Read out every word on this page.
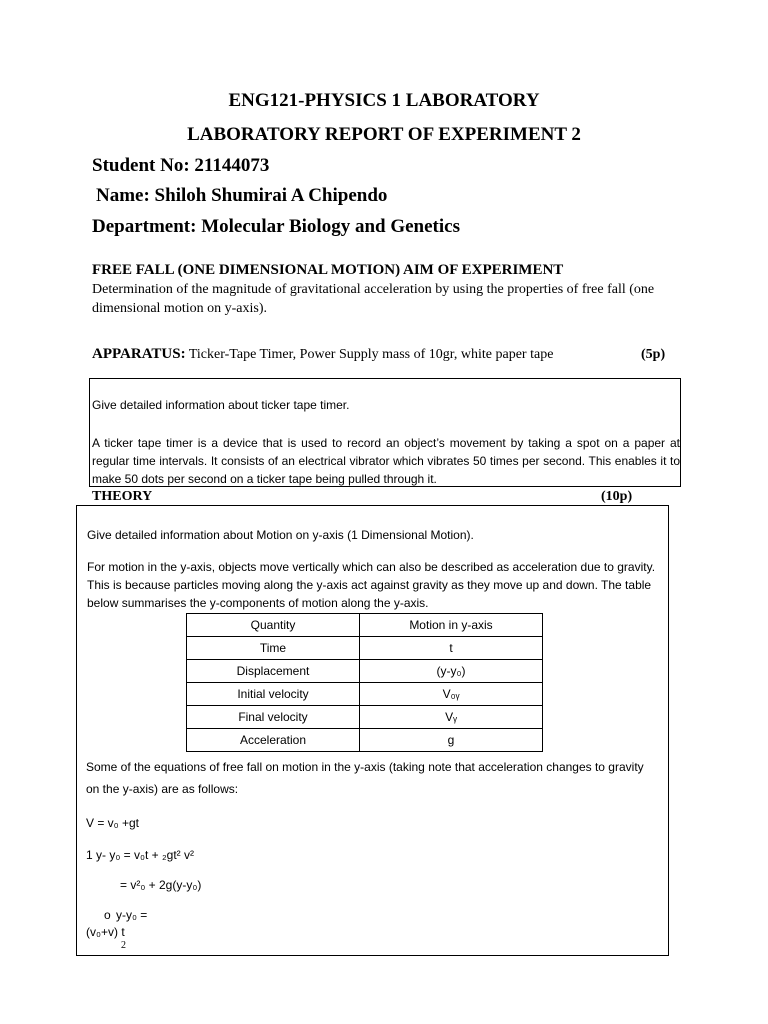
ENG121-PHYSICS 1 LABORATORY
LABORATORY REPORT OF EXPERIMENT 2
Student No: 21144073
Name: Shiloh Shumirai A Chipendo
Department: Molecular Biology and Genetics
FREE FALL (ONE DIMENSIONAL MOTION) AIM OF EXPERIMENT
Determination of the magnitude of gravitational acceleration by using the properties of free fall (one dimensional motion on y-axis).
APPARATUS: Ticker-Tape Timer, Power Supply mass of 10gr, white paper tape	(5p)
Give detailed information about ticker tape timer.
A ticker tape timer is a device that is used to record an object’s movement by taking a spot on a paper at regular time intervals. It consists of an electrical vibrator which vibrates 50 times per second. This enables it to make 50 dots per second on a ticker tape being pulled through it.
THEORY	(10p)
Give detailed information about Motion on y-axis (1 Dimensional Motion).
For motion in the y-axis, objects move vertically which can also be described as acceleration due to gravity. This is because particles moving along the y-axis act against gravity as they move up and down. The table below summarises the y-components of motion along the y-axis.
Quantity	Motion in y-axis
Time	t
Displacement	(y-y₀)
Initial velocity	V₀ᵧ
Final velocity	Vᵧ
Acceleration	g
Some of the equations of free fall on motion in the y-axis (taking note that acceleration changes to gravity on the y-axis) are as follows:
V = v₀ +gt
1 y- y₀ = v₀t + ₂gt² v²
= v²₀ + 2g(y-y₀)
o y-y₀ =
(v₀+v) t
2
